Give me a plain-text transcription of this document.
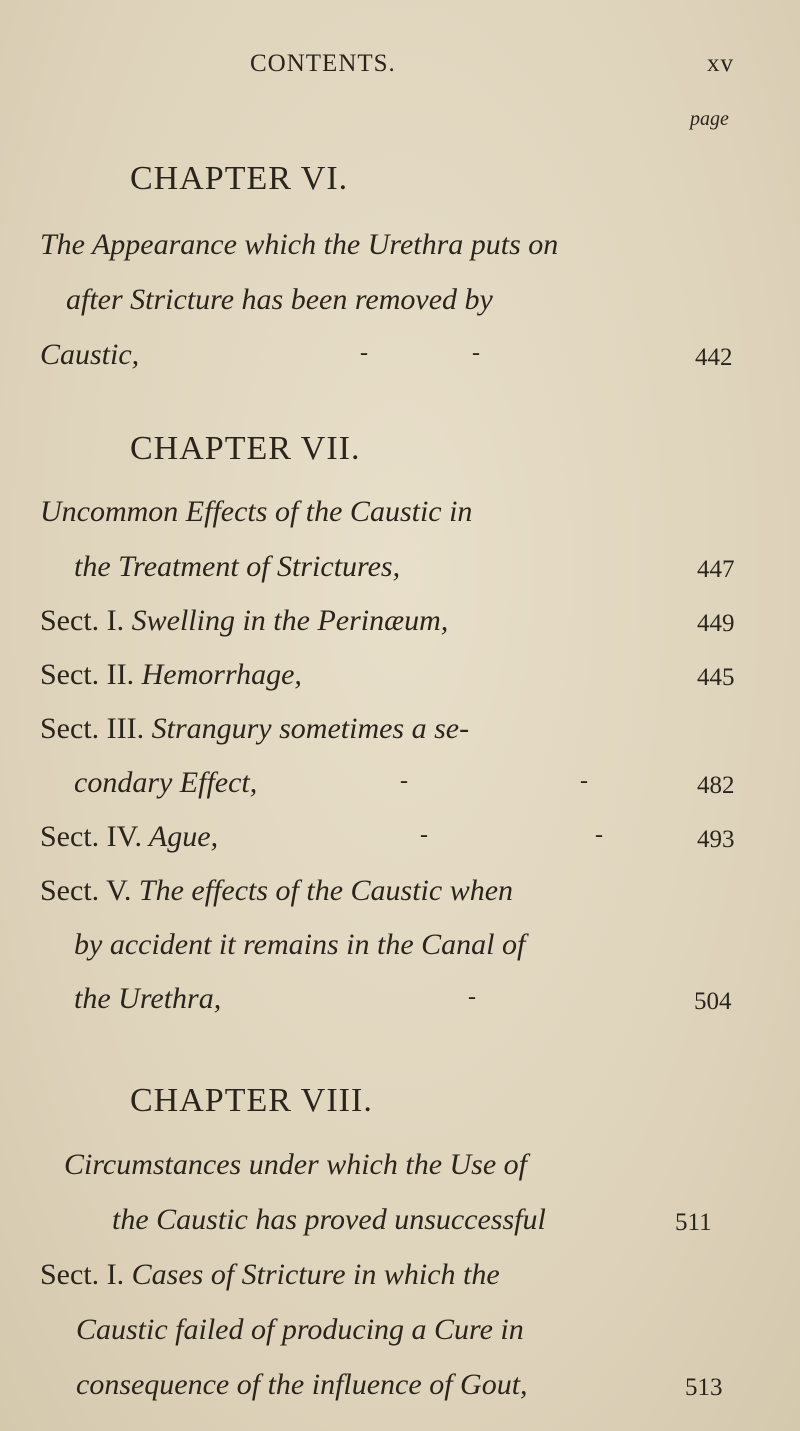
CONTENTS.	xv
page
CHAPTER VI.
The Appearance which the Urethra puts on
after Stricture has been removed by
Caustic,	-	-	442
CHAPTER VII.
Uncommon Effects of the Caustic in
the Treatment of Strictures,	447
Sect. I. Swelling in the Perinæum,	449
Sect. II. Hemorrhage,	445
Sect. III. Strangury sometimes a se-
condary Effect,	-	-	482
Sect. IV. Ague,	-	-	493
Sect. V. The effects of the Caustic when
by accident it remains in the Canal of
the Urethra,	-	504
CHAPTER VIII.
Circumstances under which the Use of
the Caustic has proved unsuccessful	511
Sect. I. Cases of Stricture in which the
Caustic failed of producing a Cure in
consequence of the influence of Gout,	513
